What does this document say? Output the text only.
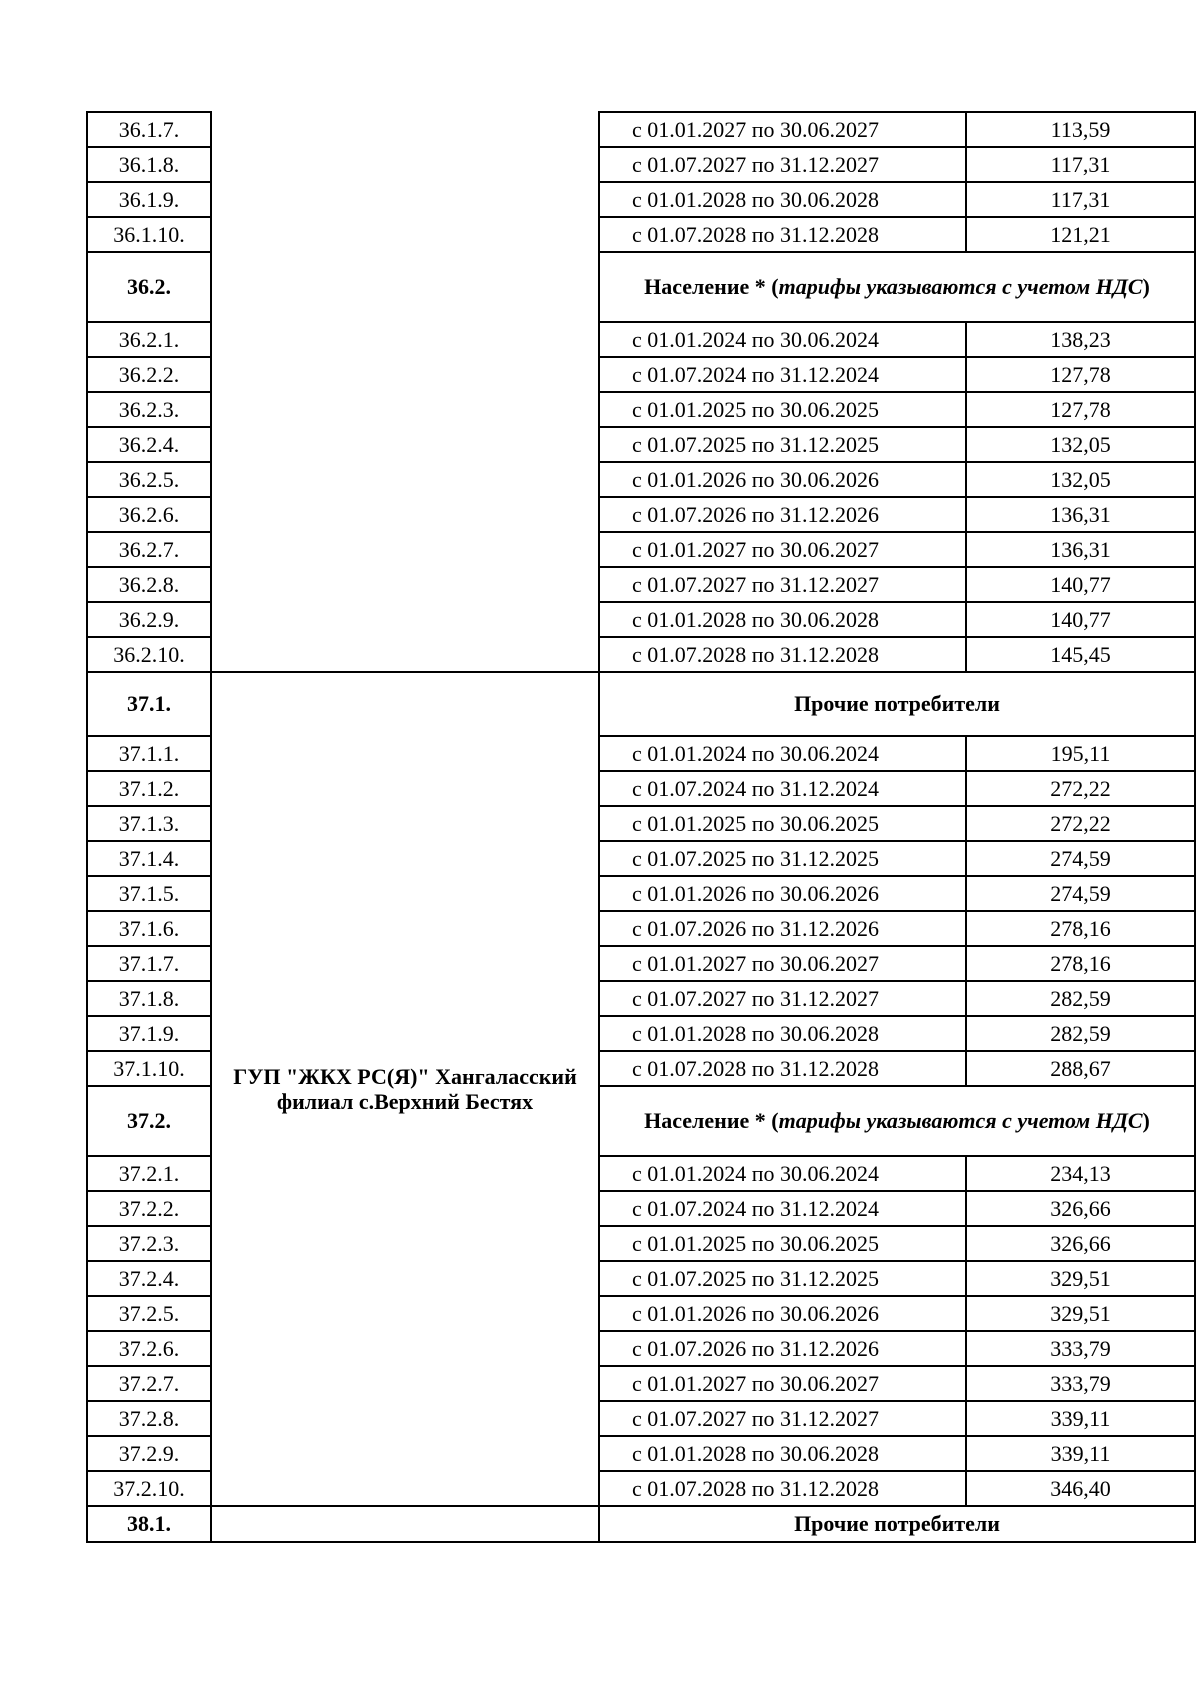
36.1.7.		с 01.01.2027 по 30.06.2027	113,59
36.1.8.		с 01.07.2027 по 31.12.2027	117,31
36.1.9.		с 01.01.2028 по 30.06.2028	117,31
36.1.10.		с 01.07.2028 по 31.12.2028	121,21
36.2.		Население * (тарифы указываются с учетом НДС)	
36.2.1.		с 01.01.2024 по 30.06.2024	138,23
36.2.2.		с 01.07.2024 по 31.12.2024	127,78
36.2.3.		с 01.01.2025 по 30.06.2025	127,78
36.2.4.		с 01.07.2025 по 31.12.2025	132,05
36.2.5.		с 01.01.2026 по 30.06.2026	132,05
36.2.6.		с 01.07.2026 по 31.12.2026	136,31
36.2.7.		с 01.01.2027 по 30.06.2027	136,31
36.2.8.		с 01.07.2027 по 31.12.2027	140,77
36.2.9.		с 01.01.2028 по 30.06.2028	140,77
36.2.10.		с 01.07.2028 по 31.12.2028	145,45
37.1.	ГУП "ЖКХ РС(Я)" Хангаласский филиал с.Верхний Бестях	Прочие потребители	
37.1.1.		с 01.01.2024 по 30.06.2024	195,11
37.1.2.		с 01.07.2024 по 31.12.2024	272,22
37.1.3.		с 01.01.2025 по 30.06.2025	272,22
37.1.4.		с 01.07.2025 по 31.12.2025	274,59
37.1.5.		с 01.01.2026 по 30.06.2026	274,59
37.1.6.		с 01.07.2026 по 31.12.2026	278,16
37.1.7.		с 01.01.2027 по 30.06.2027	278,16
37.1.8.		с 01.07.2027 по 31.12.2027	282,59
37.1.9.		с 01.01.2028 по 30.06.2028	282,59
37.1.10.		с 01.07.2028 по 31.12.2028	288,67
37.2.		Население * (тарифы указываются с учетом НДС)	
37.2.1.		с 01.01.2024 по 30.06.2024	234,13
37.2.2.		с 01.07.2024 по 31.12.2024	326,66
37.2.3.		с 01.01.2025 по 30.06.2025	326,66
37.2.4.		с 01.07.2025 по 31.12.2025	329,51
37.2.5.		с 01.01.2026 по 30.06.2026	329,51
37.2.6.		с 01.07.2026 по 31.12.2026	333,79
37.2.7.		с 01.01.2027 по 30.06.2027	333,79
37.2.8.		с 01.07.2027 по 31.12.2027	339,11
37.2.9.		с 01.01.2028 по 30.06.2028	339,11
37.2.10.		с 01.07.2028 по 31.12.2028	346,40
38.1.		Прочие потребители	
